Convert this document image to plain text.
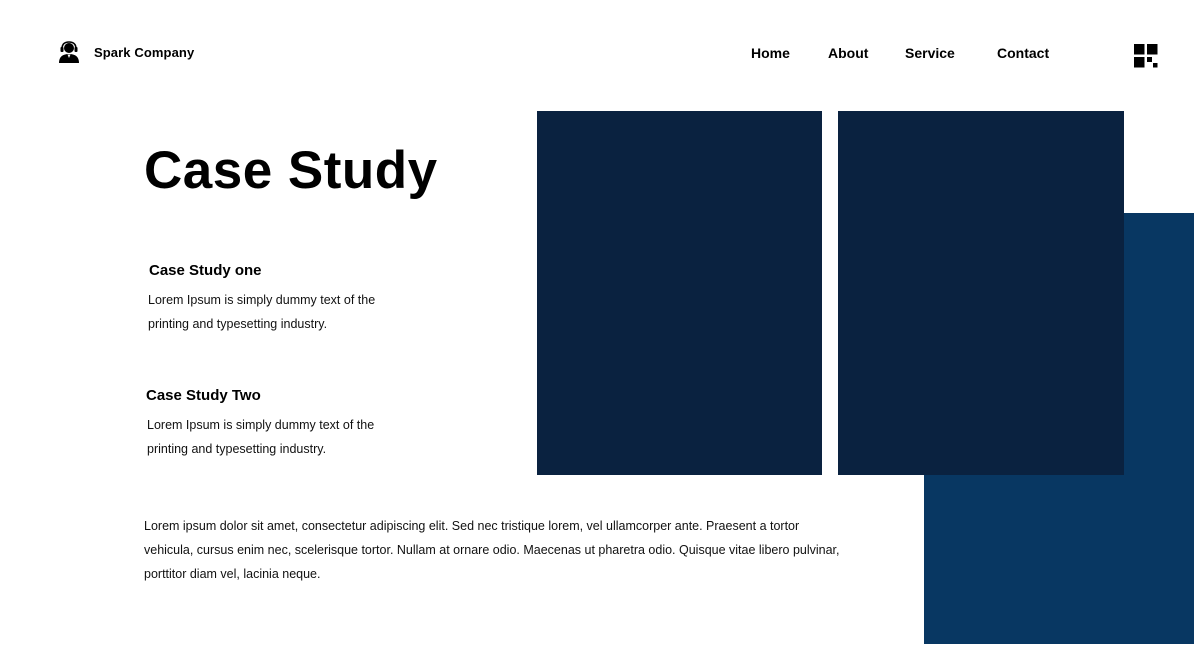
Spark Company	Home	About	Service	Contact
Case Study
Case Study one
Lorem Ipsum is simply dummy text of the printing and typesetting industry.
Case Study Two
Lorem Ipsum is simply dummy text of the printing and typesetting industry.
Lorem ipsum dolor sit amet, consectetur adipiscing elit. Sed nec tristique lorem, vel ullamcorper ante. Praesent a tortor vehicula, cursus enim nec, scelerisque tortor. Nullam at ornare odio. Maecenas ut pharetra odio. Quisque vitae libero pulvinar, porttitor diam vel, lacinia neque.
